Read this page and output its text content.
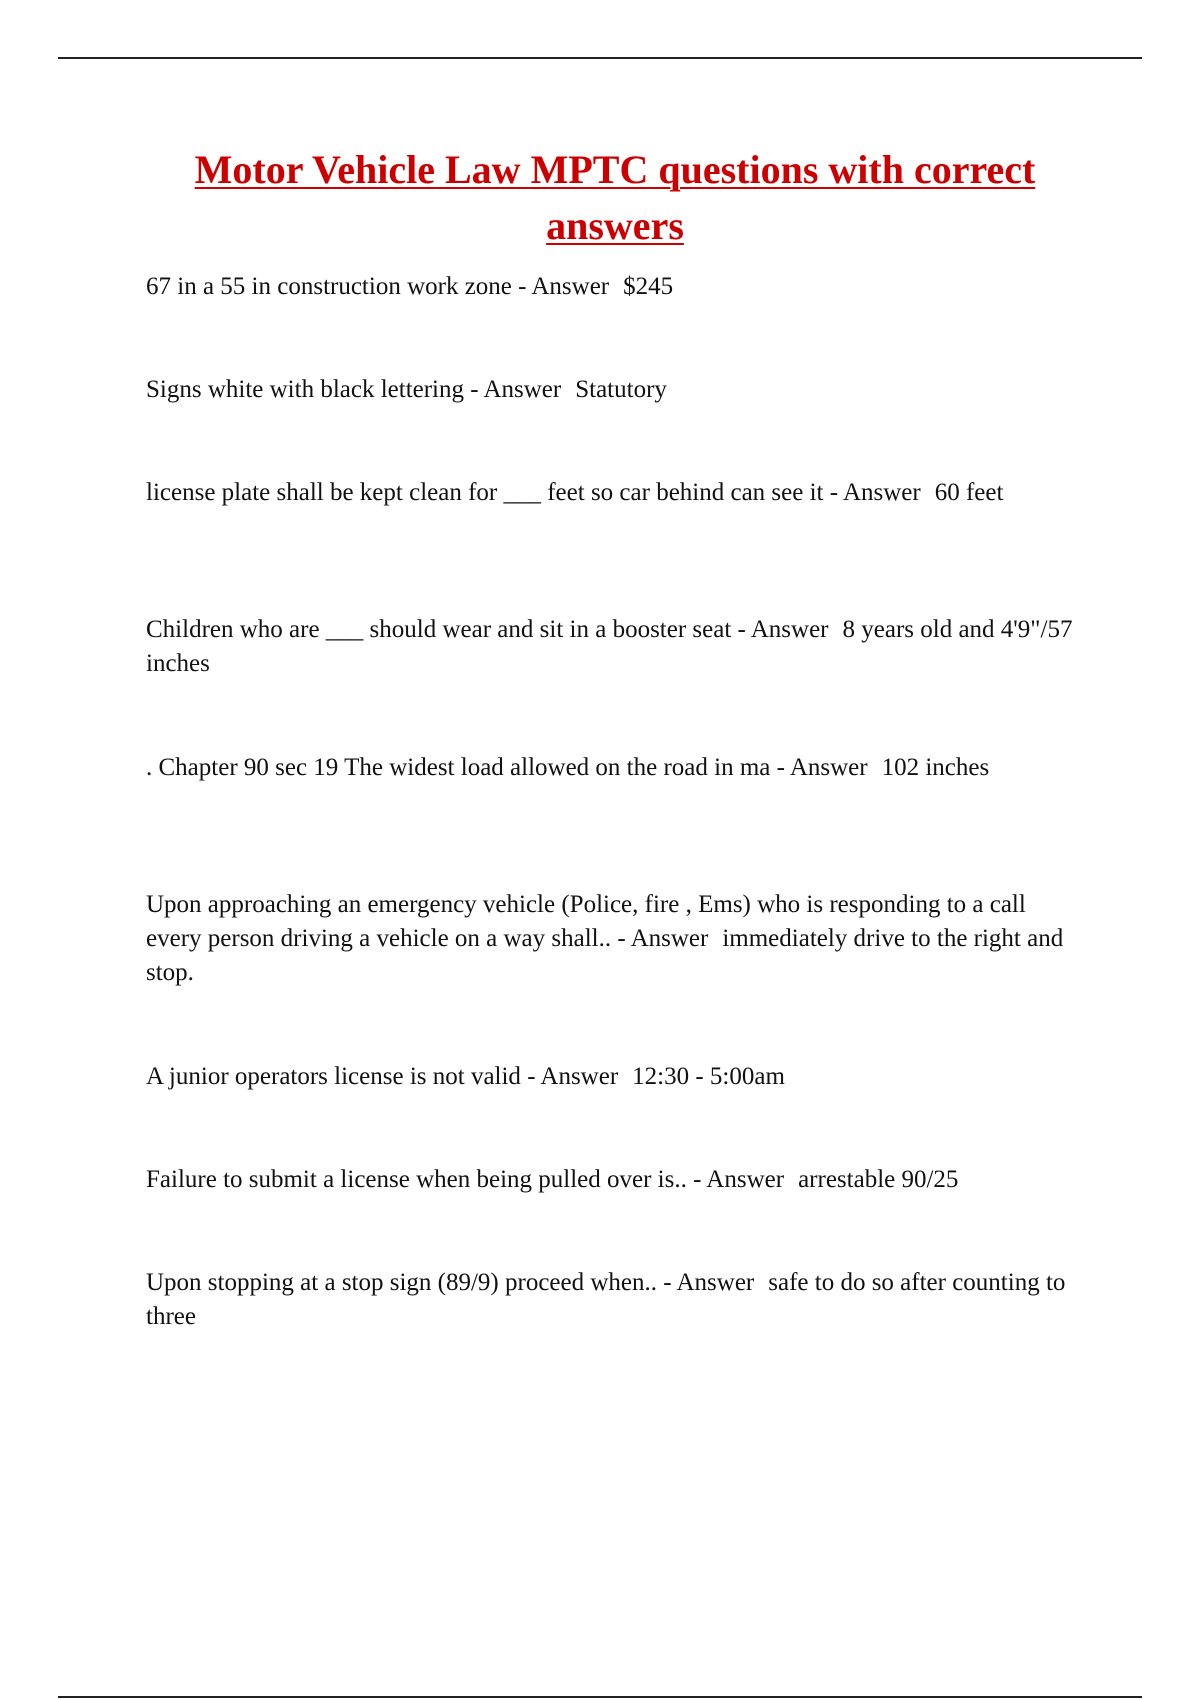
Motor Vehicle Law MPTC questions with correct answers

67 in a 55 in construction work zone - Answer $245

Signs white with black lettering - Answer Statutory

license plate shall be kept clean for ___ feet so car behind can see it - Answer 60 feet

Children who are ___ should wear and sit in a booster seat - Answer 8 years old and 4'9"/57 inches

. Chapter 90 sec 19 The widest load allowed on the road in ma - Answer 102 inches

Upon approaching an emergency vehicle (Police, fire , Ems) who is responding to a call every person driving a vehicle on a way shall.. - Answer immediately drive to the right and stop.

A junior operators license is not valid - Answer 12:30 - 5:00am

Failure to submit a license when being pulled over is.. - Answer arrestable 90/25

Upon stopping at a stop sign (89/9) proceed when.. - Answer safe to do so after counting to three
